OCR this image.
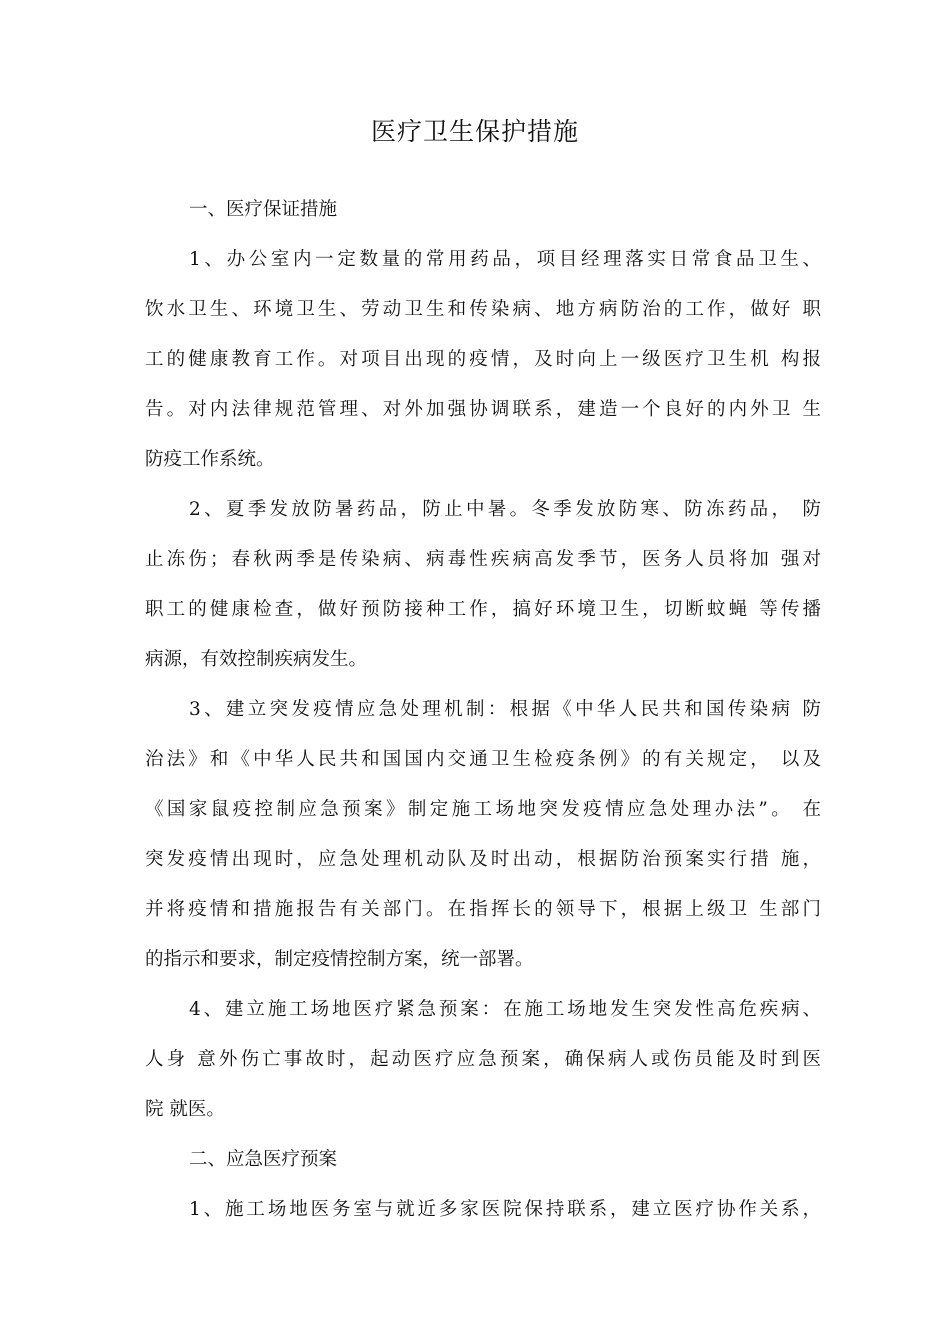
医疗卫生保护措施
一、医疗保证措施
1、办公室内一定数量的常用药品，项目经理落实日常食品卫生、
饮水卫生、环境卫生、劳动卫生和传染病、地方病防治的工作，做好 职
工的健康教育工作。对项目出现的疫情，及时向上一级医疗卫生机 构报
告。对内法律规范管理、对外加强协调联系，建造一个良好的内外卫 生
防疫工作系统。
2、夏季发放防暑药品，防止中暑。冬季发放防寒、防冻药品， 防
止冻伤；春秋两季是传染病、病毒性疾病高发季节，医务人员将加 强对
职工的健康检查，做好预防接种工作，搞好环境卫生，切断蚊蝇 等传播
病源，有效控制疾病发生。
3、建立突发疫情应急处理机制：根据《中华人民共和国传染病 防
治法》和《中华人民共和国国内交通卫生检疫条例》的有关规定， 以及
《国家鼠疫控制应急预案》制定施工场地突发疫情应急处理办法”。 在
突发疫情出现时，应急处理机动队及时出动，根据防治预案实行措 施，
并将疫情和措施报告有关部门。在指挥长的领导下，根据上级卫 生部门
的指示和要求，制定疫情控制方案，统一部署。
4、建立施工场地医疗紧急预案：在施工场地发生突发性高危疾病、
人身 意外伤亡事故时，起动医疗应急预案，确保病人或伤员能及时到医
院 就医。
二、应急医疗预案
1、施工场地医务室与就近多家医院保持联系，建立医疗协作关系，
